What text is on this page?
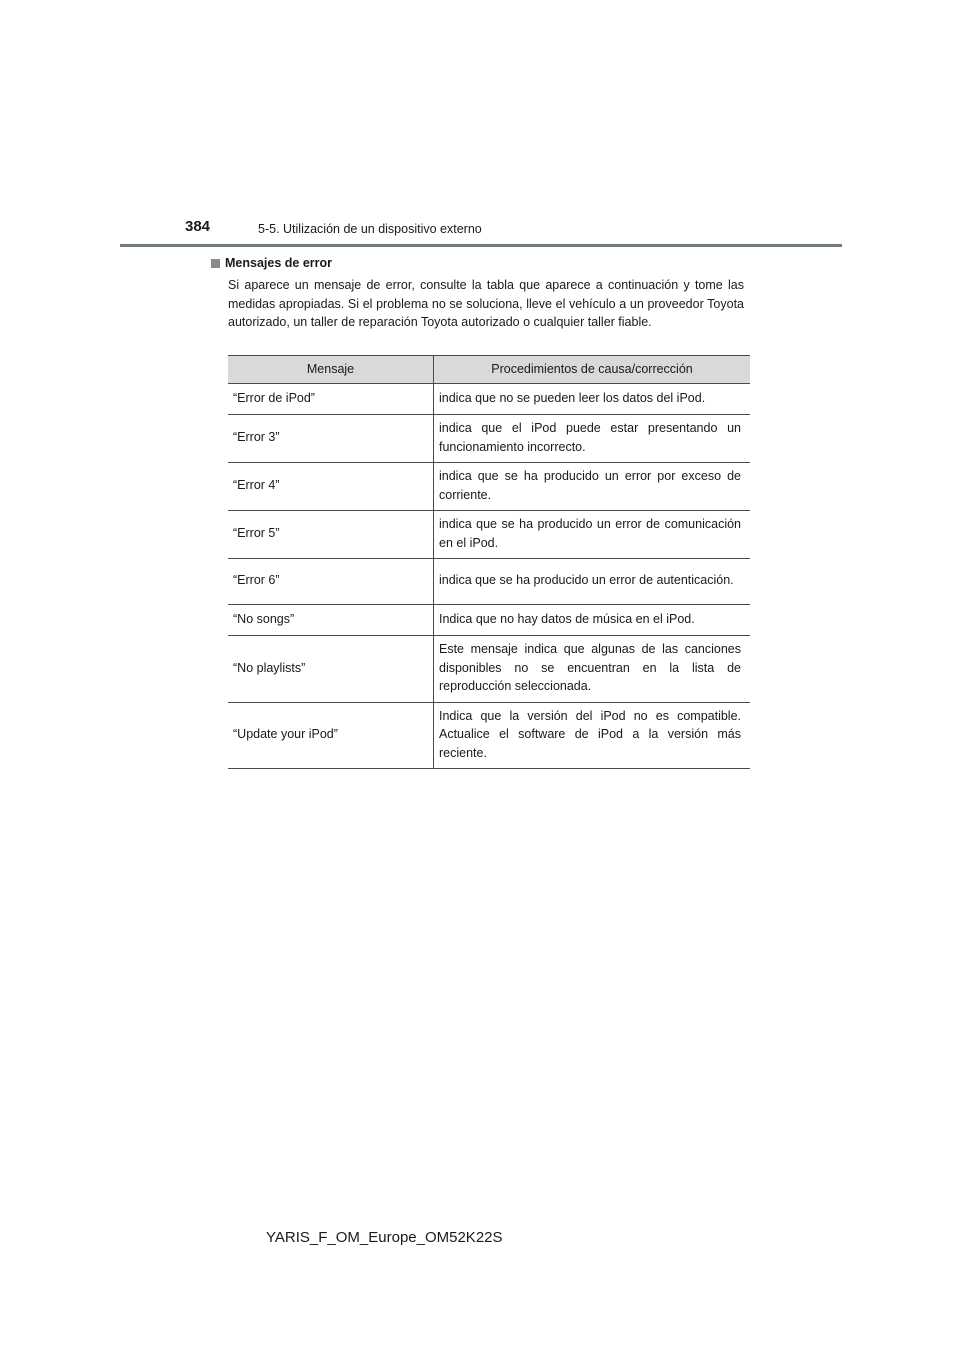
384	5-5. Utilización de un dispositivo externo
Mensajes de error

Si aparece un mensaje de error, consulte la tabla que aparece a continuación y tome las medidas apropiadas. Si el problema no se soluciona, lleve el vehículo a un proveedor Toyota autorizado, un taller de reparación Toyota autorizado o cualquier taller fiable.

Mensaje	Procedimientos de causa/corrección
“Error de iPod”	indica que no se pueden leer los datos del iPod.
“Error 3”	indica que el iPod puede estar presentando un funcionamiento incorrecto.
“Error 4”	indica que se ha producido un error por exceso de corriente.
“Error 5”	indica que se ha producido un error de comunicación en el iPod.
“Error 6”	indica que se ha producido un error de autenticación.
“No songs”	Indica que no hay datos de música en el iPod.
“No playlists”	Este mensaje indica que algunas de las canciones disponibles no se encuentran en la lista de reproducción seleccionada.
“Update your iPod”	Indica que la versión del iPod no es compatible. Actualice el software de iPod a la versión más reciente.
YARIS_F_OM_Europe_OM52K22S
